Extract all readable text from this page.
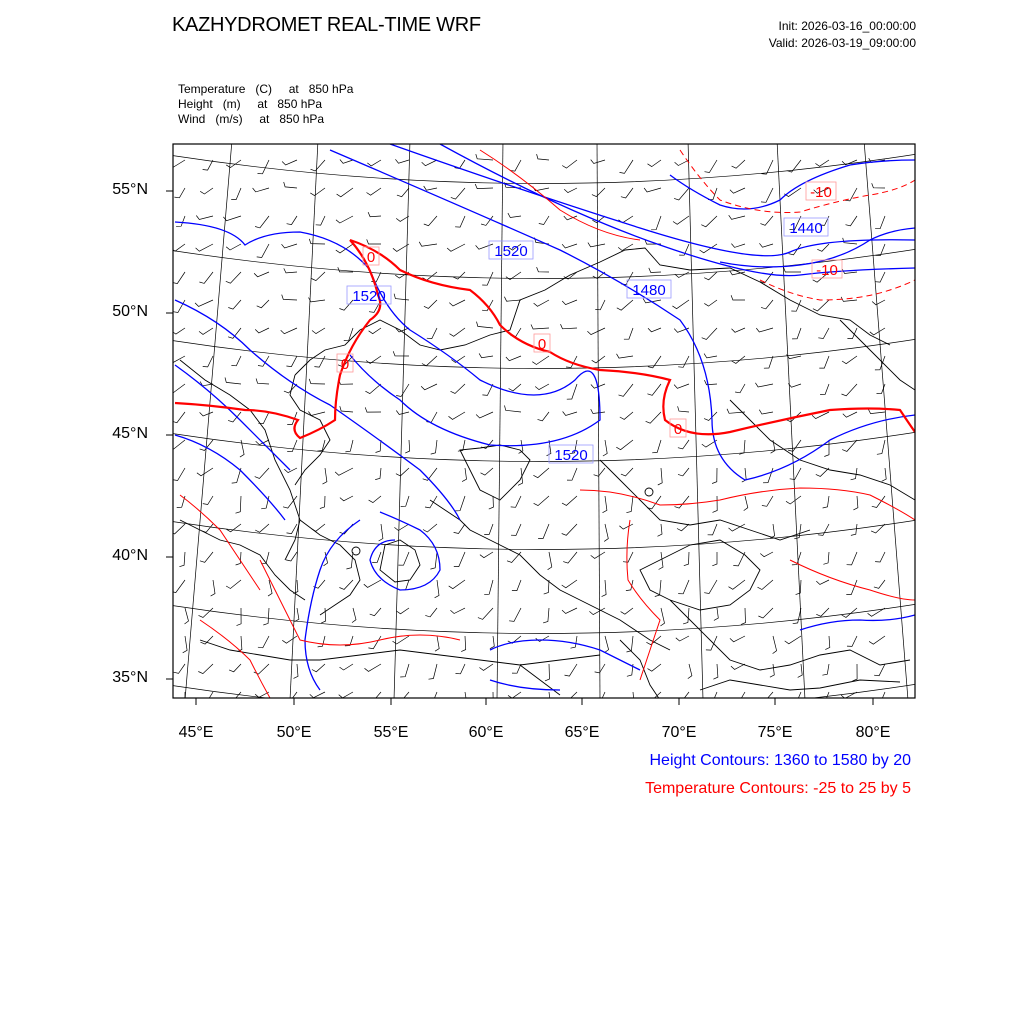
KAZHYDROMET REAL-TIME WRF	Init: 2026-03-16_00:00:00
Valid: 2026-03-19_09:00:00
Temperature   (C)     at   850 hPa
Height   (m)     at   850 hPa
Wind   (m/s)     at   850 hPa
1520
1520	1480
1440
1520
0
0
0
0
-10
-10
55°N
50°N
45°N
40°N
35°N
45°E	50°E	55°E	60°E	65°E	70°E	75°E	80°E
Height Contours: 1360 to 1580 by 20
Temperature Contours: -25 to 25 by 5
